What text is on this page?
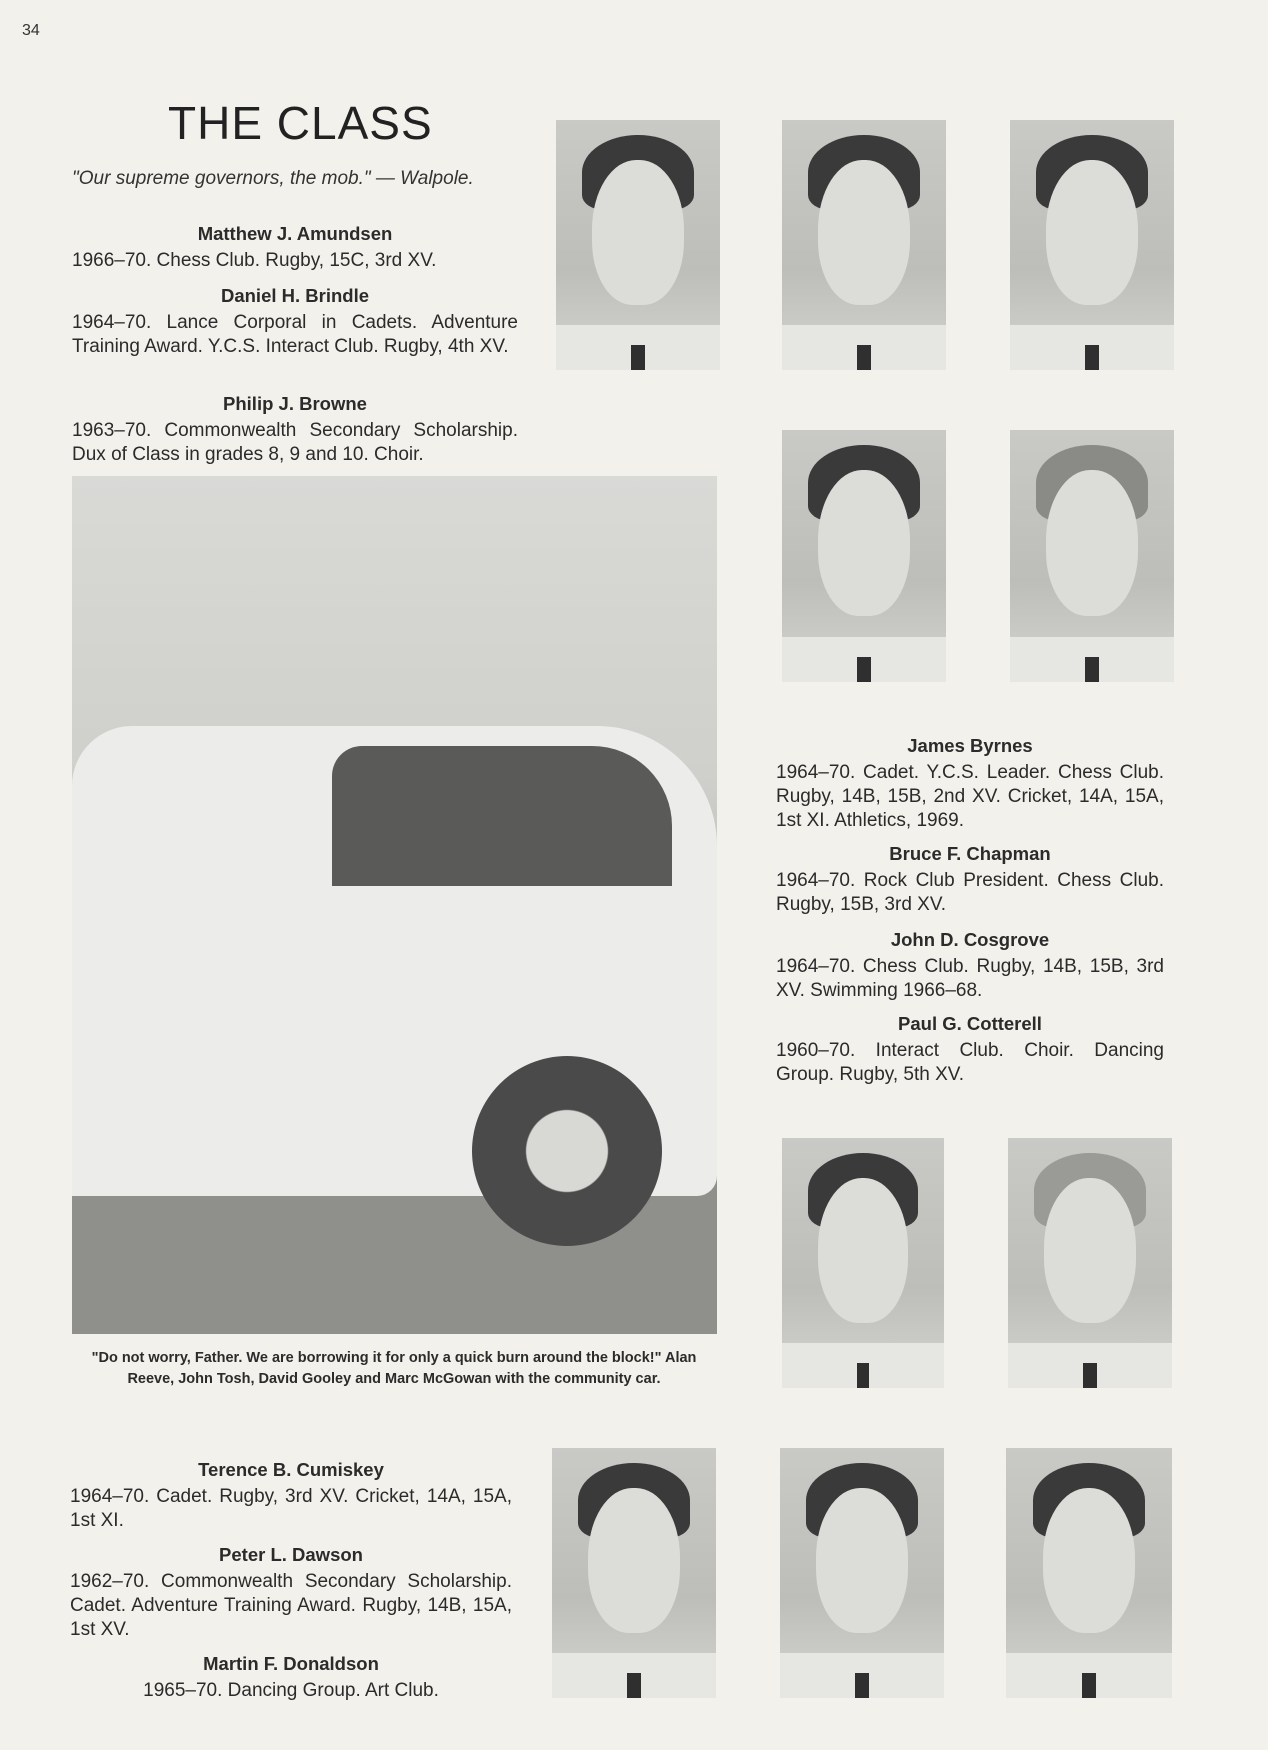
34
THE CLASS
"Our supreme governors, the mob." — Walpole.
Matthew J. Amundsen
1966–70. Chess Club. Rugby, 15C, 3rd XV.
Daniel H. Brindle
1964–70. Lance Corporal in Cadets. Adventure Training Award. Y.C.S. Interact Club. Rugby, 4th XV.
Philip J. Browne
1963–70. Commonwealth Secondary Scholarship. Dux of Class in grades 8, 9 and 10. Choir.
James Byrnes
1964–70. Cadet. Y.C.S. Leader. Chess Club. Rugby, 14B, 15B, 2nd XV. Cricket, 14A, 15A, 1st XI. Athletics, 1969.
Bruce F. Chapman
1964–70. Rock Club President. Chess Club. Rugby, 15B, 3rd XV.
John D. Cosgrove
1964–70. Chess Club. Rugby, 14B, 15B, 3rd XV. Swimming 1966–68.
Paul G. Cotterell
1960–70. Interact Club. Choir. Dancing Group. Rugby, 5th XV.
Terence B. Cumiskey
1964–70. Cadet. Rugby, 3rd XV. Cricket, 14A, 15A, 1st XI.
Peter L. Dawson
1962–70. Commonwealth Secondary Scholarship. Cadet. Adventure Training Award. Rugby, 14B, 15A, 1st XV.
Martin F. Donaldson
1965–70. Dancing Group. Art Club.
"Do not worry, Father. We are borrowing it for only a quick burn around the block!" Alan Reeve, John Tosh, David Gooley and Marc McGowan with the community car.
